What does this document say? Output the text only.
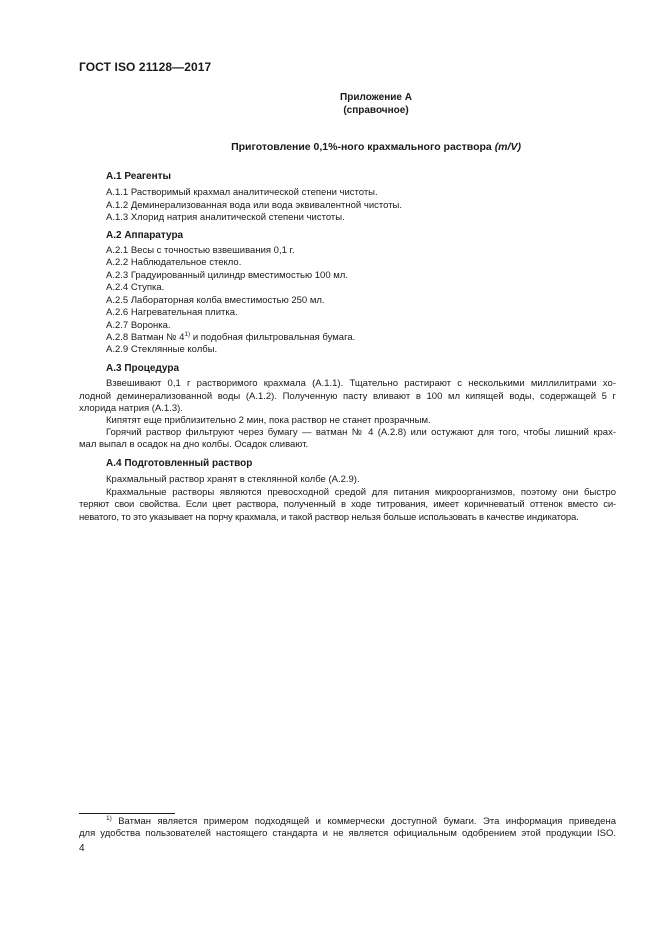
ГОСТ ISO 21128—2017
Приложение А
(справочное)
Приготовление 0,1%-ного крахмального раствора (m/V)
А.1 Реагенты
А.1.1 Растворимый крахмал аналитической степени чистоты.
А.1.2 Деминерализованная вода или вода эквивалентной чистоты.
А.1.3 Хлорид натрия аналитической степени чистоты.
А.2 Аппаратура
А.2.1 Весы с точностью взвешивания 0,1 г.
А.2.2 Наблюдательное стекло.
А.2.3 Градуированный цилиндр вместимостью 100 мл.
А.2.4 Ступка.
А.2.5 Лабораторная колба вместимостью 250 мл.
А.2.6 Нагревательная плитка.
А.2.7 Воронка.
А.2.8 Ватман № 4$^{1)}$ и подобная фильтровальная бумага.
А.2.9 Стеклянные колбы.
А.3 Процедура
Взвешивают 0,1 г растворимого крахмала (А.1.1). Тщательно растирают с несколькими миллилитрами хо-
лодной деминерализованной воды (А.1.2). Полученную пасту вливают в 100 мл кипящей воды, содержащей 5 г
хлорида натрия (А.1.3).
Кипятят еще приблизительно 2 мин, пока раствор не станет прозрачным.
Горячий раствор фильтруют через бумагу — ватман № 4 (А.2.8) или остужают для того, чтобы лишний крах-
мал выпал в осадок на дно колбы. Осадок сливают.
А.4 Подготовленный раствор
Крахмальный раствор хранят в стеклянной колбе (А.2.9).
Крахмальные растворы являются превосходной средой для питания микроорганизмов, поэтому они быстро
теряют свои свойства. Если цвет раствора, полученный в ходе титрования, имеет коричневатый оттенок вместо си-
неватого, то это указывает на порчу крахмала, и такой раствор нельзя больше использовать в качестве индикатора.
$^{1)}$ Ватман является примером подходящей и коммерчески доступной бумаги. Эта информация приведена
для удобства пользователей настоящего стандарта и не является официальным одобрением этой продукции ISO.
4
